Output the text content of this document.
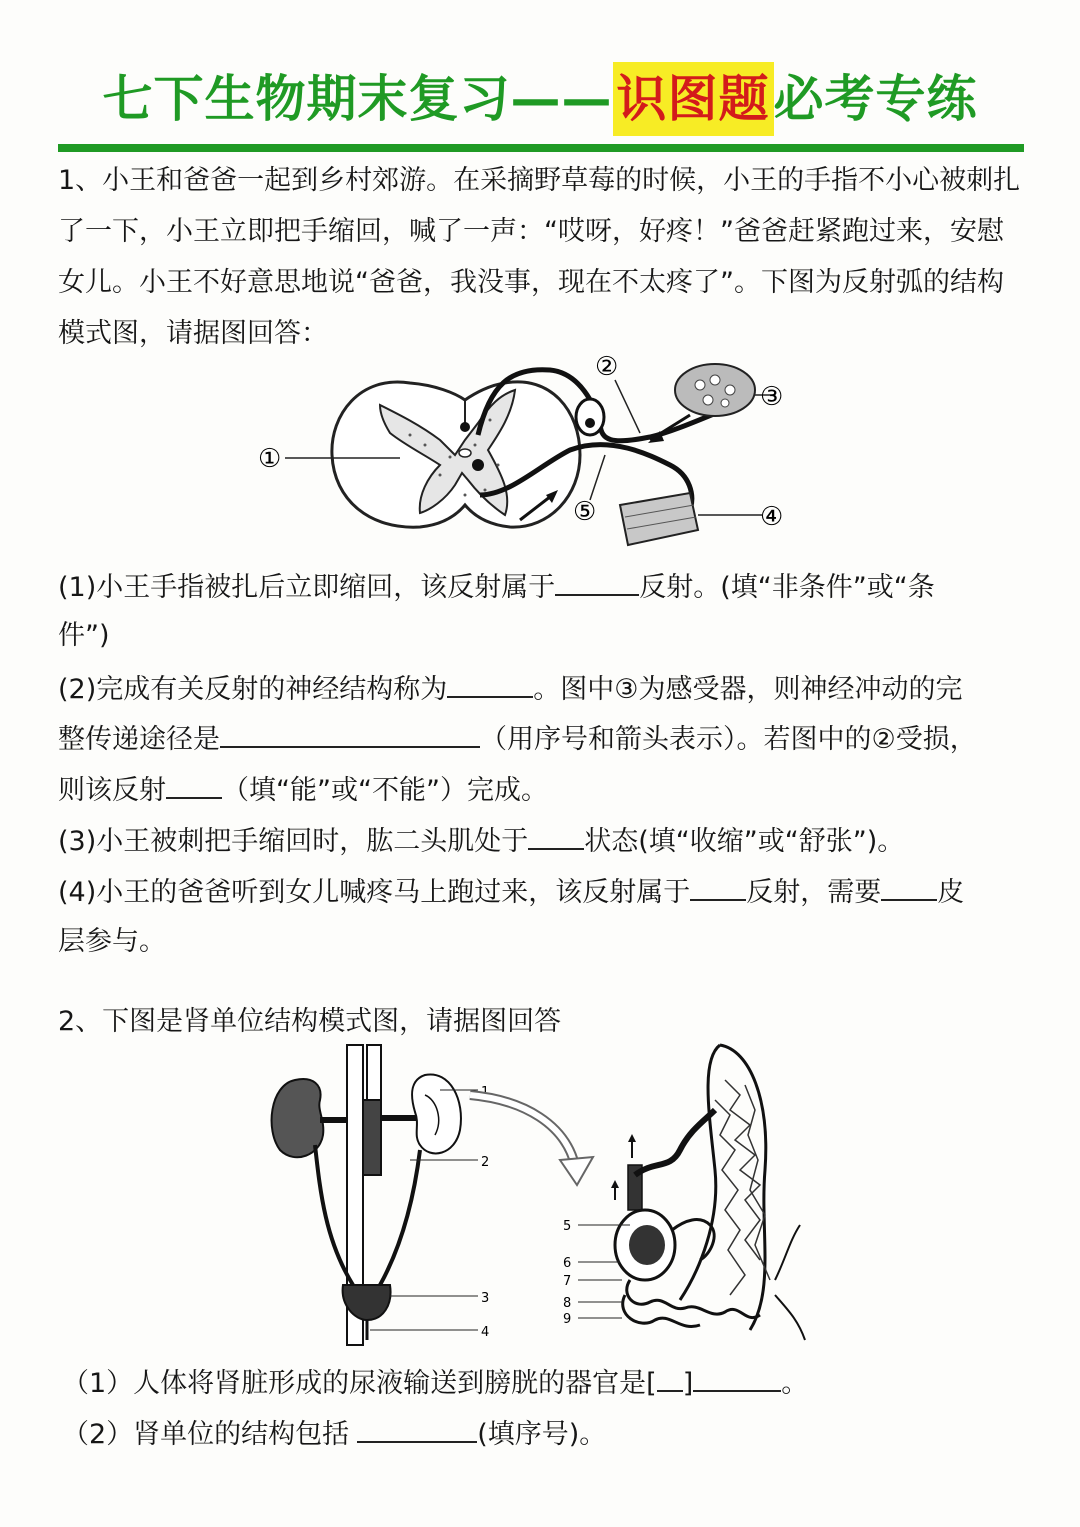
七下生物期末复习——识图题必考专练
1、小王和爸爸一起到乡村郊游。在采摘野草莓的时候，小王的手指不小心被刺扎了一下，小王立即把手缩回，喊了一声：“哎呀，好疼！”爸爸赶紧跑过来，安慰女儿。小王不好意思地说“爸爸，我没事，现在不太疼了”。下图为反射弧的结构模式图，请据图回答：
①
②
③
④
⑤
(1)小王手指被扎后立即缩回，该反射属于	反射。(填“非条件”或“条
件”)
(2)完成有关反射的神经结构称为	。图中③为感受器，则神经冲动的完
整传递途径是	（用序号和箭头表示）。若图中的②受损，
则该反射 （填“能”或“不能”）完成。
(3)小王被刺把手缩回时，肱二头肌处于 状态(填“收缩”或“舒张”)。
(4)小王的爸爸听到女儿喊疼马上跑过来，该反射属于 反射，需要 皮
层参与。
2、下图是肾单位结构模式图，请据图回答
1
2
3
4
5
6
7
8
9
（1）人体将肾脏形成的尿液输送到膀胱的器官是[ ]	。
（2）肾单位的结构包括	(填序号)。
